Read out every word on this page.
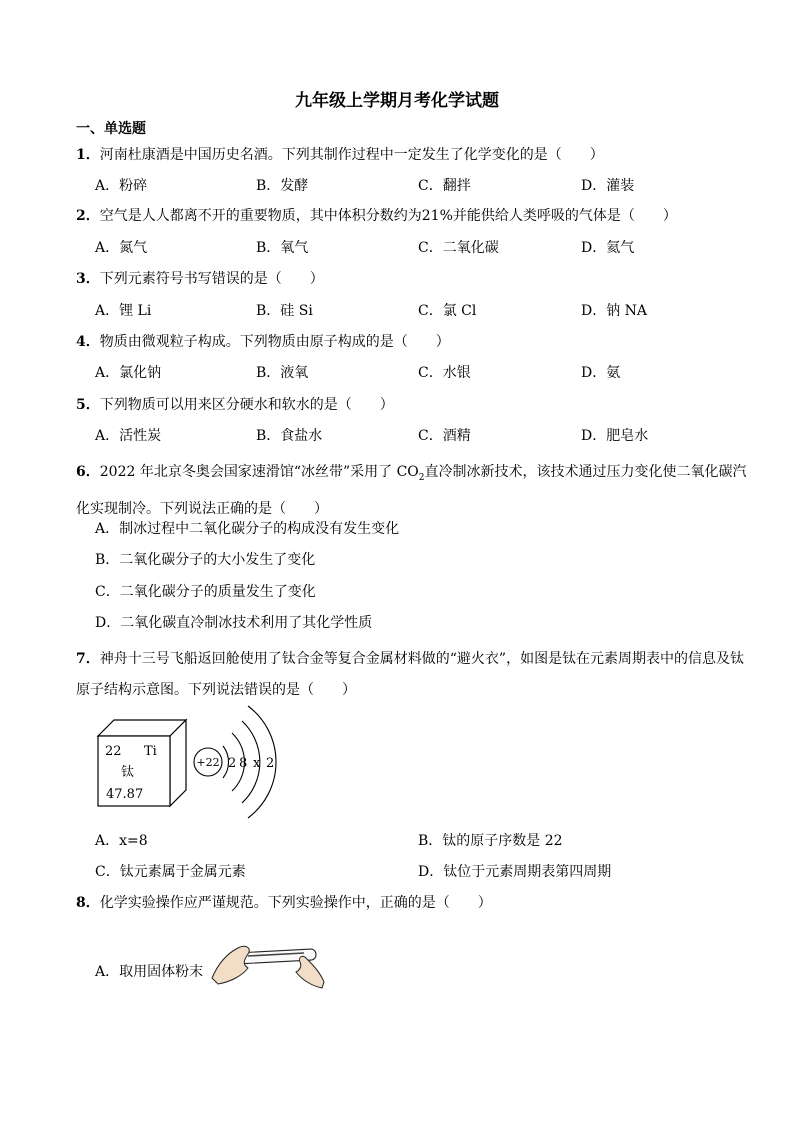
九年级上学期月考化学试题
一、单选题
1．河南杜康酒是中国历史名酒。下列其制作过程中一定发生了化学变化的是（　　）
A．粉碎	B．发酵	C．翻拌	D．灌装
2．空气是人人都离不开的重要物质，其中体积分数约为21%并能供给人类呼吸的气体是（　　）
A．氮气	B．氧气	C．二氧化碳	D．氦气
3．下列元素符号书写错误的是（　　）
A．锂 Li	B．硅 Si	C．氯 Cl	D．钠 NA
4．物质由微观粒子构成。下列物质由原子构成的是（　　）
A．氯化钠	B．液氧	C．水银	D．氨
5．下列物质可以用来区分硬水和软水的是（　　）
A．活性炭	B．食盐水	C．酒精	D．肥皂水
6．2022 年北京冬奥会国家速滑馆“冰丝带”采用了 $CO_2$直冷制冰新技术，该技术通过压力变化使二氧化碳汽化实现制冷。下列说法正确的是（　　）
A．制冰过程中二氧化碳分子的构成没有发生变化
B．二氧化碳分子的大小发生了变化
C．二氧化碳分子的质量发生了变化
D．二氧化碳直冷制冰技术利用了其化学性质
7．神舟十三号飞船返回舱使用了钛合金等复合金属材料做的“避火衣”，如图是钛在元素周期表中的信息及钛原子结构示意图。下列说法错误的是（　　）
22 Ti
钛
47.87
+22 2 8 x 2
A．x=8	B．钛的原子序数是 22
C．钛元素属于金属元素	D．钛位于元素周期表第四周期
8．化学实验操作应严谨规范。下列实验操作中，正确的是（　　）
A．取用固体粉末
